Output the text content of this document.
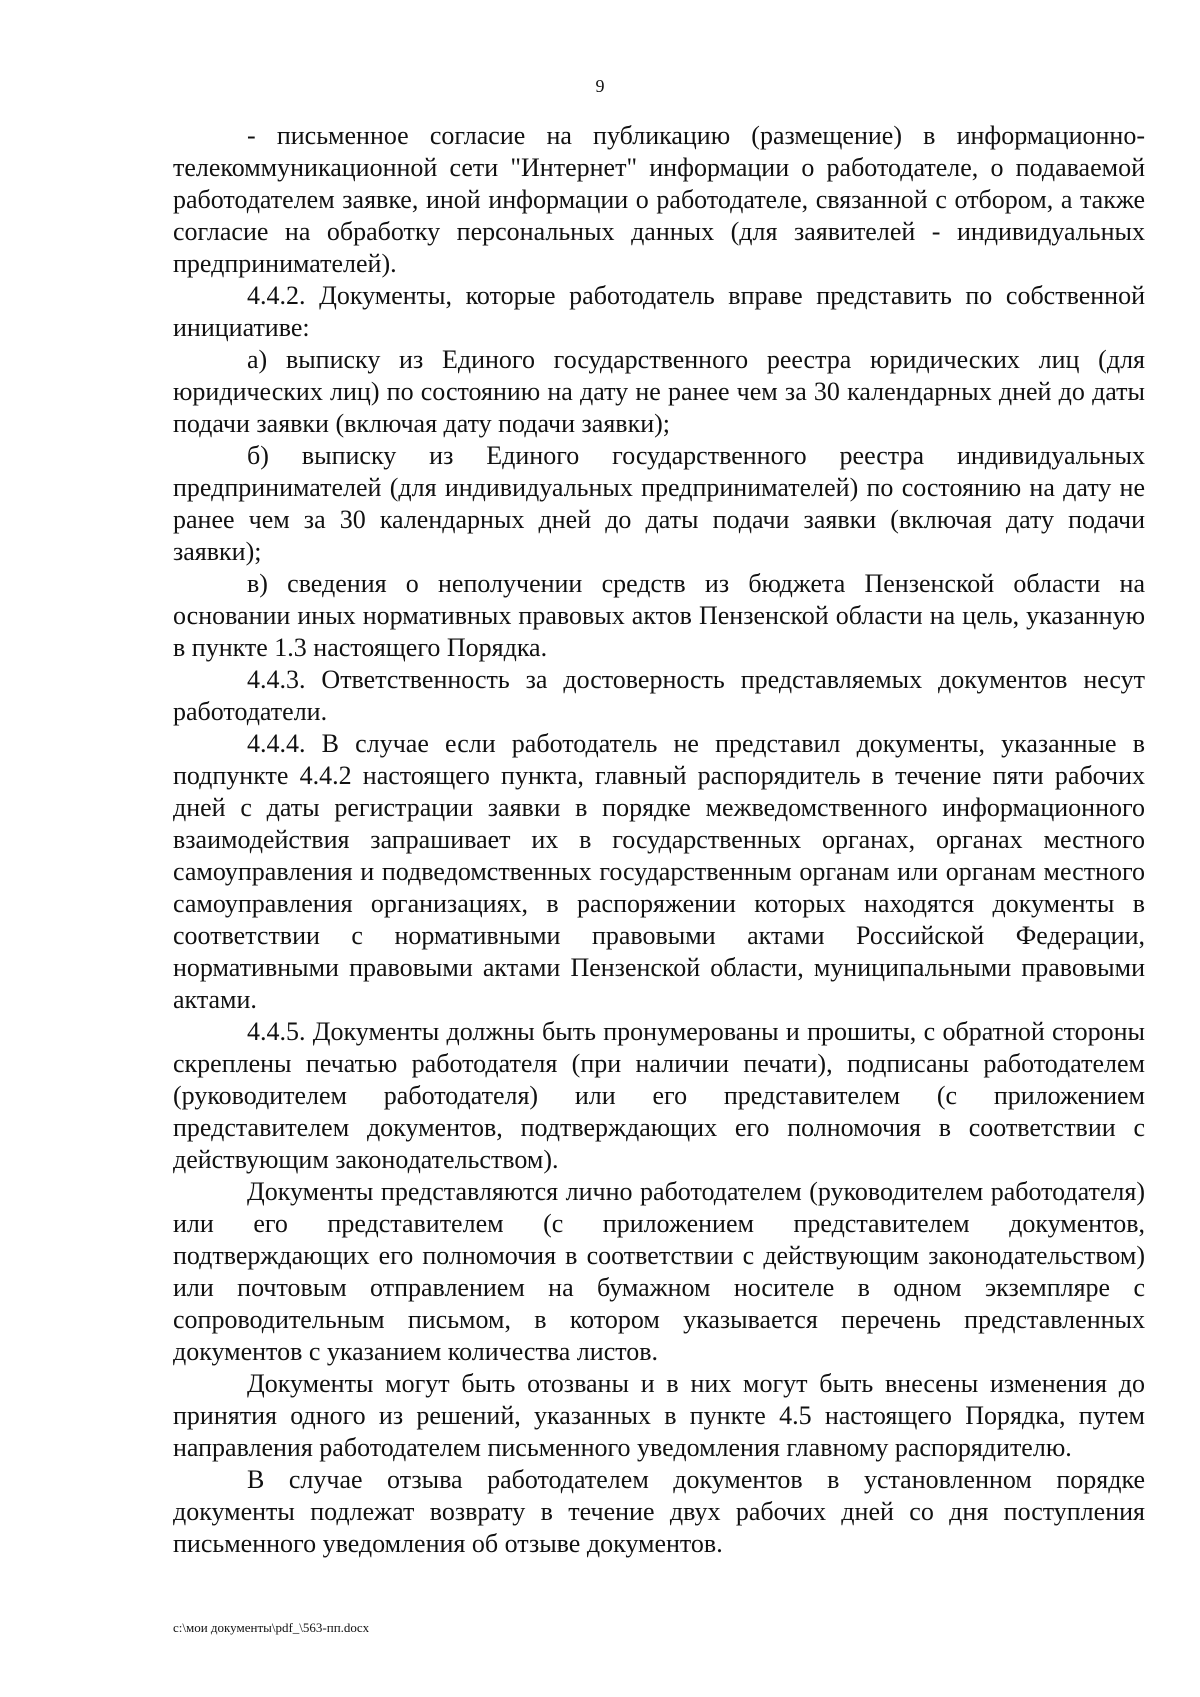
9

- письменное согласие на публикацию (размещение) в информационно-телекоммуникационной сети "Интернет" информации о работодателе, о подаваемой работодателем заявке, иной информации о работодателе, связанной с отбором, а также согласие на обработку персональных данных (для заявителей - индивидуальных предпринимателей).

4.4.2. Документы, которые работодатель вправе представить по собственной инициативе:

а) выписку из Единого государственного реестра юридических лиц (для юридических лиц) по состоянию на дату не ранее чем за 30 календарных дней до даты подачи заявки (включая дату подачи заявки);

б) выписку из Единого государственного реестра индивидуальных предпринимателей (для индивидуальных предпринимателей) по состоянию на дату не ранее чем за 30 календарных дней до даты подачи заявки (включая дату подачи заявки);

в) сведения о неполучении средств из бюджета Пензенской области на основании иных нормативных правовых актов Пензенской области на цель, указанную в пункте 1.3 настоящего Порядка.

4.4.3. Ответственность за достоверность представляемых документов несут работодатели.

4.4.4. В случае если работодатель не представил документы, указанные в подпункте 4.4.2 настоящего пункта, главный распорядитель в течение пяти рабочих дней с даты регистрации заявки в порядке межведомственного информационного взаимодействия запрашивает их в государственных органах, органах местного самоуправления и подведомственных государственным органам или органам местного самоуправления организациях, в распоряжении которых находятся документы в соответствии с нормативными правовыми актами Российской Федерации, нормативными правовыми актами Пензенской области, муниципальными правовыми актами.

4.4.5. Документы должны быть пронумерованы и прошиты, с обратной стороны скреплены печатью работодателя (при наличии печати), подписаны работодателем (руководителем работодателя) или его представителем (с приложением представителем документов, подтверждающих его полномочия в соответствии с действующим законодательством).

Документы представляются лично работодателем (руководителем работодателя) или его представителем (с приложением представителем документов, подтверждающих его полномочия в соответствии с действующим законодательством) или почтовым отправлением на бумажном носителе в одном экземпляре с сопроводительным письмом, в котором указывается перечень представленных документов с указанием количества листов.

Документы могут быть отозваны и в них могут быть внесены изменения до принятия одного из решений, указанных в пункте 4.5 настоящего Порядка, путем направления работодателем письменного уведомления главному распорядителю.

В случае отзыва работодателем документов в установленном порядке документы подлежат возврату в течение двух рабочих дней со дня поступления письменного уведомления об отзыве документов.

c:\мои документы\pdf_\563-пп.docx
